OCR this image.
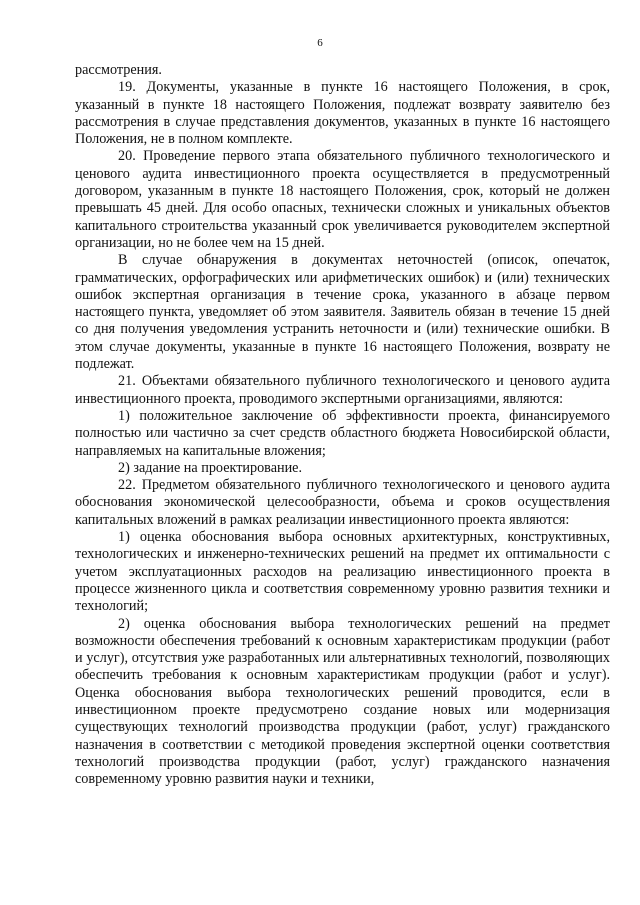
6

рассмотрения.

19. Документы, указанные в пункте 16 настоящего Положения, в срок, указанный в пункте 18 настоящего Положения, подлежат возврату заявителю без рассмотрения в случае представления документов, указанных в пункте 16 настоящего Положения, не в полном комплекте.

20. Проведение первого этапа обязательного публичного технологического и ценового аудита инвестиционного проекта осуществляется в предусмотренный договором, указанным в пункте 18 настоящего Положения, срок, который не должен превышать 45 дней. Для особо опасных, технически сложных и уникальных объектов капитального строительства указанный срок увеличивается руководителем экспертной организации, но не более чем на 15 дней.

В случае обнаружения в документах неточностей (описок, опечаток, грамматических, орфографических или арифметических ошибок) и (или) технических ошибок экспертная организация в течение срока, указанного в абзаце первом настоящего пункта, уведомляет об этом заявителя. Заявитель обязан в течение 15 дней со дня получения уведомления устранить неточности и (или) технические ошибки. В этом случае документы, указанные в пункте 16 настоящего Положения, возврату не подлежат.

21. Объектами обязательного публичного технологического и ценового аудита инвестиционного проекта, проводимого экспертными организациями, являются:

1) положительное заключение об эффективности проекта, финансируемого полностью или частично за счет средств областного бюджета Новосибирской области, направляемых на капитальные вложения;

2) задание на проектирование.

22. Предметом обязательного публичного технологического и ценового аудита обоснования экономической целесообразности, объема и сроков осуществления капитальных вложений в рамках реализации инвестиционного проекта являются:

1) оценка обоснования выбора основных архитектурных, конструктивных, технологических и инженерно-технических решений на предмет их оптимальности с учетом эксплуатационных расходов на реализацию инвестиционного проекта в процессе жизненного цикла и соответствия современному уровню развития техники и технологий;

2) оценка обоснования выбора технологических решений на предмет возможности обеспечения требований к основным характеристикам продукции (работ и услуг), отсутствия уже разработанных или альтернативных технологий, позволяющих обеспечить требования к основным характеристикам продукции (работ и услуг). Оценка обоснования выбора технологических решений проводится, если в инвестиционном проекте предусмотрено создание новых или модернизация существующих технологий производства продукции (работ, услуг) гражданского назначения в соответствии с методикой проведения экспертной оценки соответствия технологий производства продукции (работ, услуг) гражданского назначения современному уровню развития науки и техники,
